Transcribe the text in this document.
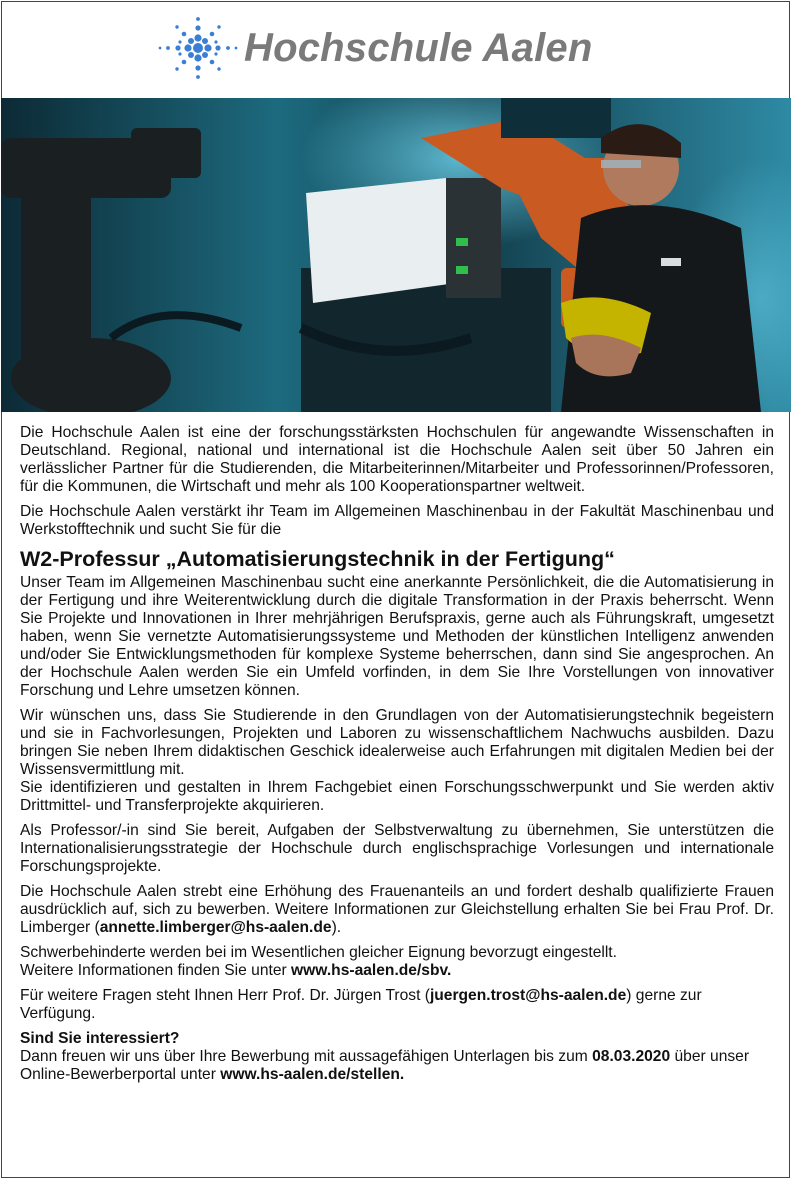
Hochschule Aalen

Die Hochschule Aalen ist eine der forschungsstärksten Hochschulen für angewandte Wissenschaften in Deutschland. Regional, national und international ist die Hochschule Aalen seit über 50 Jahren ein verlässlicher Partner für die Studierenden, die Mitarbeiterinnen/Mitarbeiter und Professorinnen/Professoren, für die Kommunen, die Wirtschaft und mehr als 100 Kooperationspartner weltweit.

Die Hochschule Aalen verstärkt ihr Team im Allgemeinen Maschinenbau in der Fakultät Maschinenbau und Werkstofftechnik und sucht Sie für die

W2-Professur „Automatisierungstechnik in der Fertigung“

Unser Team im Allgemeinen Maschinenbau sucht eine anerkannte Persönlichkeit, die die Automatisierung in der Fertigung und ihre Weiterentwicklung durch die digitale Transformation in der Praxis beherrscht. Wenn Sie Projekte und Innovationen in Ihrer mehrjährigen Berufspraxis, gerne auch als Führungskraft, umgesetzt haben, wenn Sie vernetzte Automatisierungssysteme und Methoden der künstlichen Intelligenz anwenden und/oder Sie Entwicklungsmethoden für komplexe Systeme beherrschen, dann sind Sie angesprochen. An der Hochschule Aalen werden Sie ein Umfeld vorfinden, in dem Sie Ihre Vorstellungen von innovativer Forschung und Lehre umsetzen können.

Wir wünschen uns, dass Sie Studierende in den Grundlagen von der Automatisierungstechnik begeistern und sie in Fachvorlesungen, Projekten und Laboren zu wissenschaftlichem Nachwuchs ausbilden. Dazu bringen Sie neben Ihrem didaktischen Geschick idealerweise auch Erfahrungen mit digitalen Medien bei der Wissensvermittlung mit.

Sie identifizieren und gestalten in Ihrem Fachgebiet einen Forschungsschwerpunkt und Sie werden aktiv Drittmittel- und Transferprojekte akquirieren.

Als Professor/-in sind Sie bereit, Aufgaben der Selbstverwaltung zu übernehmen, Sie unterstützen die Internationalisierungsstrategie der Hochschule durch englischsprachige Vorlesungen und internationale Forschungsprojekte.

Die Hochschule Aalen strebt eine Erhöhung des Frauenanteils an und fordert deshalb qualifizierte Frauen ausdrücklich auf, sich zu bewerben. Weitere Informationen zur Gleichstellung erhalten Sie bei Frau Prof. Dr. Limberger (annette.limberger@hs-aalen.de).

Schwerbehinderte werden bei im Wesentlichen gleicher Eignung bevorzugt eingestellt.
Weitere Informationen finden Sie unter www.hs-aalen.de/sbv.

Für weitere Fragen steht Ihnen Herr Prof. Dr. Jürgen Trost (juergen.trost@hs-aalen.de) gerne zur Verfügung.

Sind Sie interessiert?
Dann freuen wir uns über Ihre Bewerbung mit aussagefähigen Unterlagen bis zum 08.03.2020 über unser Online-Bewerberportal unter www.hs-aalen.de/stellen.
